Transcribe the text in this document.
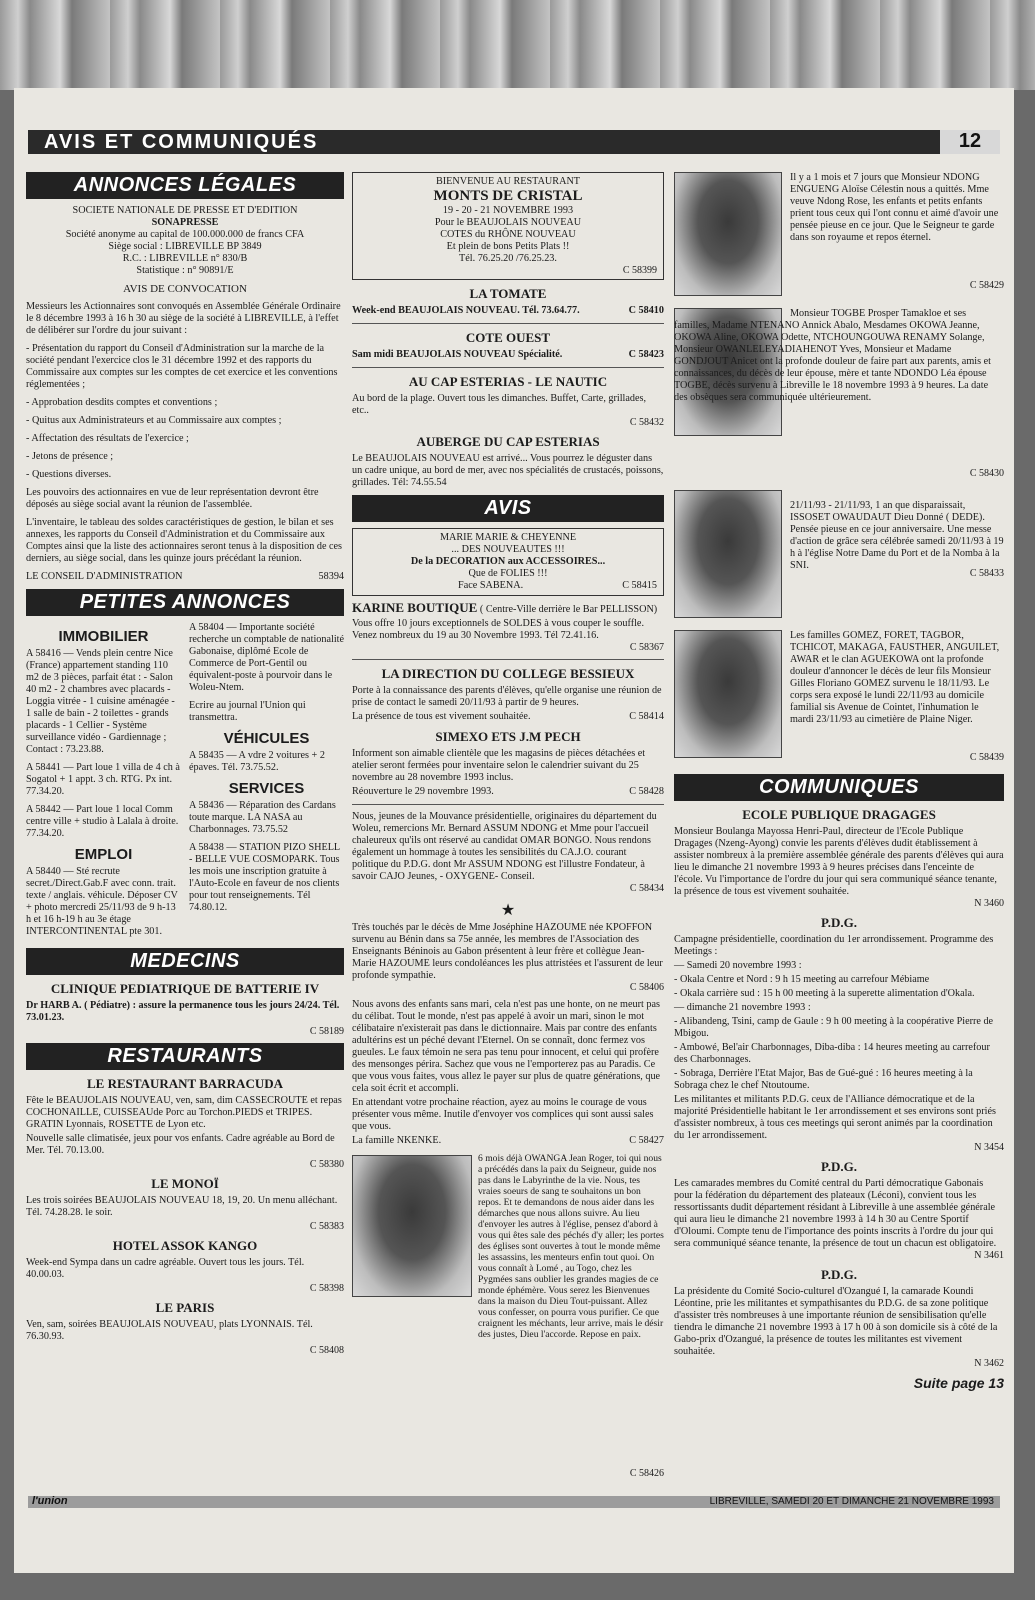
AVIS ET COMMUNIQUÉS	12
ANNONCES LÉGALES
SOCIETE NATIONALE DE PRESSE ET D'EDITION
SONAPRESSE
Société anonyme au capital de 100.000.000 de francs CFA
Siège social : LIBREVILLE BP 3849
R.C. : LIBREVILLE n° 830/B
Statistique : n° 90891/E
AVIS DE CONVOCATION
Messieurs les Actionnaires sont convoqués en Assemblée Générale Ordinaire le 8 décembre 1993 à 16 h 30 au siège de la société à LIBREVILLE, à l'effet de délibérer sur l'ordre du jour suivant :
- Présentation du rapport du Conseil d'Administration sur la marche de la société pendant l'exercice clos le 31 décembre 1992 et des rapports du Commissaire aux comptes sur les comptes de cet exercice et les conventions réglementées ;
- Approbation desdits comptes et conventions ;
- Quitus aux Administrateurs et au Commissaire aux comptes ;
- Affectation des résultats de l'exercice ;
- Jetons de présence ;
- Questions diverses.
Les pouvoirs des actionnaires en vue de leur représentation devront être déposés au siège social avant la réunion de l'assemblée.
L'inventaire, le tableau des soldes caractéristiques de gestion, le bilan et ses annexes, les rapports du Conseil d'Administration et du Commissaire aux Comptes ainsi que la liste des actionnaires seront tenus à la disposition de ces derniers, au siège social, dans les quinze jours précédant la réunion.
LE CONSEIL D'ADMINISTRATION	58394
PETITES ANNONCES
IMMOBILIER
A 58416 — Vends plein centre Nice (France) appartement standing 110 m2 de 3 pièces, parfait état : - Salon 40 m2 - 2 chambres avec placards - Loggia vitrée - 1 cuisine aménagée - 1 salle de bain - 2 toilettes - grands placards - 1 Cellier - Système surveillance vidéo - Gardiennage ; Contact : 73.23.88.
A 58441 — Part loue 1 villa de 4 ch à Sogatol + 1 appt. 3 ch. RTG. Px int. 77.34.20.
A 58442 — Part loue 1 local Comm centre ville + studio à Lalala à droite. 77.34.20.
EMPLOI
A 58440 — Sté recrute secret./Direct.Gab.F avec conn. trait. texte / anglais. véhicule. Déposer CV + photo mercredi 25/11/93 de 9 h-13 h et 16 h-19 h au 3e étage INTERCONTINENTAL pte 301.
A 58404 — Importante société recherche un comptable de nationalité Gabonaise, diplômé Ecole de Commerce de Port-Gentil ou équivalent-poste à pourvoir dans le Woleu-Ntem.
Ecrire au journal l'Union qui transmettra.
VÉHICULES
A 58435 — A vdre 2 voitures + 2 épaves. Tél. 73.75.52.
SERVICES
A 58436 — Réparation des Cardans toute marque. LA NASA au Charbonnages. 73.75.52
A 58438 — STATION PIZO SHELL - BELLE VUE COSMOPARK. Tous les mois une inscription gratuite à l'Auto-Ecole en faveur de nos clients pour tout renseignements. Tél 74.80.12.
MEDECINS
CLINIQUE PEDIATRIQUE DE BATTERIE IV
Dr HARB A. ( Pédiatre) : assure la permanence tous les jours 24/24. Tél. 73.01.23.
C 58189
RESTAURANTS
LE RESTAURANT BARRACUDA
Fête le BEAUJOLAIS NOUVEAU, ven, sam, dim CASSECROUTE et repas COCHONAILLE, CUISSEAUde Porc au Torchon.PIEDS et TRIPES. GRATIN Lyonnais, ROSETTE de Lyon etc.
Nouvelle salle climatisée, jeux pour vos enfants. Cadre agréable au Bord de Mer. Tél. 70.13.00.
C 58380
LE MONOÏ
Les trois soirées BEAUJOLAIS NOUVEAU 18, 19, 20. Un menu alléchant. Tél. 74.28.28. le soir.
C 58383
HOTEL ASSOK KANGO
Week-end Sympa dans un cadre agréable. Ouvert tous les jours. Tél. 40.00.03.
C 58398
LE PARIS
Ven, sam, soirées BEAUJOLAIS NOUVEAU, plats LYONNAIS. Tél. 76.30.93.
C 58408
BIENVENUE AU RESTAURANT
MONTS DE CRISTAL
19 - 20 - 21 NOVEMBRE 1993
Pour le BEAUJOLAIS NOUVEAU
COTES du RHÔNE NOUVEAU
Et plein de bons Petits Plats !!
Tél. 76.25.20 /76.25.23.
C 58399
LA TOMATE
Week-end BEAUJOLAIS NOUVEAU. Tél. 73.64.77.	C 58410
COTE OUEST
Sam midi BEAUJOLAIS NOUVEAU Spécialité.	C 58423
AU CAP ESTERIAS - LE NAUTIC
Au bord de la plage. Ouvert tous les dimanches. Buffet, Carte, grillades, etc..
C 58432
AUBERGE DU CAP ESTERIAS
Le BEAUJOLAIS NOUVEAU est arrivé... Vous pourrez le déguster dans un cadre unique, au bord de mer, avec nos spécialités de crustacés, poissons, grillades. Tél: 74.55.54
AVIS
MARIE MARIE & CHEYENNE
... DES NOUVEAUTES !!!
De la DECORATION aux ACCESSOIRES...
Que de FOLIES !!!
Face SABENA.	C 58415
KARINE BOUTIQUE ( Centre-Ville derrière le Bar PELLISSON)
Vous offre 10 jours exceptionnels de SOLDES à vous couper le souffle. Venez nombreux du 19 au 30 Novembre 1993. Tél 72.41.16.
C 58367
LA DIRECTION DU COLLEGE BESSIEUX
Porte à la connaissance des parents d'élèves, qu'elle organise une réunion de prise de contact le samedi 20/11/93 à partir de 9 heures.
La présence de tous est vivement souhaitée.	C 58414
SIMEXO ETS J.M PECH
Informent son aimable clientèle que les magasins de pièces détachées et atelier seront fermées pour inventaire selon le calendrier suivant du 25 novembre au 28 novembre 1993 inclus.
Réouverture le 29 novembre 1993.	C 58428
Nous, jeunes de la Mouvance présidentielle, originaires du département du Woleu, remercions Mr. Bernard ASSUM NDONG et Mme pour l'accueil chaleureux qu'ils ont réservé au candidat OMAR BONGO. Nous rendons également un hommage à toutes les sensibilités du CA.J.O. courant politique du P.D.G. dont Mr ASSUM NDONG est l'illustre Fondateur, à savoir CAJO Jeunes, - OXYGENE- Conseil.
C 58434
★
Très touchés par le décès de Mme Joséphine HAZOUME née KPOFFON survenu au Bénin dans sa 75e année, les membres de l'Association des Enseignants Béninois au Gabon présentent à leur frère et collègue Jean- Marie HAZOUME leurs condoléances les plus attristées et l'assurent de leur profonde sympathie.
C 58406
Nous avons des enfants sans mari, cela n'est pas une honte, on ne meurt pas du célibat. Tout le monde, n'est pas appelé à avoir un mari, sinon le mot célibataire n'existerait pas dans le dictionnaire. Mais par contre des enfants adultérins est un péché devant l'Eternel. On se connaît, donc fermez vos gueules. Le faux témoin ne sera pas tenu pour innocent, et celui qui profère des mensonges périra. Sachez que vous ne l'emporterez pas au Paradis. Ce que vous vous faites, vous allez le payer sur plus de quatre générations, que cela soit écrit et accompli.
En attendant votre prochaine réaction, ayez au moins le courage de vous présenter vous même. Inutile d'envoyer vos complices qui sont aussi sales que vous.
La famille NKENKE.	C 58427
6 mois déjà OWANGA Jean Roger, toi qui nous a précédés dans la paix du Seigneur, guide nos pas dans le Labyrinthe de la vie. Nous, tes vraies soeurs de sang te souhaitons un bon repos. Et te demandons de nous aider dans les démarches que nous allons suivre. Au lieu d'envoyer les autres à l'église, pensez d'abord à vous qui êtes sale des péchés d'y aller; les portes des églises sont ouvertes à tout le monde même les assassins, les menteurs enfin tout quoi. On vous connaît à Lomé , au Togo, chez les Pygmées sans oublier les grandes magies de ce monde éphémère. Vous serez les Bienvenues dans la maison du Dieu Tout-puissant. Allez vous confesser, on pourra vous purifier. Ce que craignent les méchants, leur arrive, mais le désir des justes, Dieu l'accorde. Repose en paix.
C 58426
Il y a 1 mois et 7 jours que Monsieur NDONG ENGUENG Aloïse Célestin nous a quittés. Mme veuve Ndong Rose, les enfants et petits enfants prient tous ceux qui l'ont connu et aimé d'avoir une pensée pieuse en ce jour. Que le Seigneur te garde dans son royaume et repos éternel.
C 58429
Monsieur TOGBE Prosper Tamakloe et ses familles, Madame NTENANO Annick Abalo, Mesdames OKOWA Jeanne, OKOWA Aline, OKOWA Odette, NTCHOUNGOUWA RENAMY Solange, Monsieur OWANLELEYADIAHENOT Yves, Monsieur et Madame GONDJOUT Anicet ont la profonde douleur de faire part aux parents, amis et connaissances, du décès de leur épouse, mère et tante NDONDO Léa épouse TOGBE, décès survenu à Libreville le 18 novembre 1993 à 9 heures. La date des obsèques sera communiquée ultérieurement.
C 58430
21/11/93 - 21/11/93, 1 an que disparaissait, ISSOSET OWAUDAUT Dieu Donné ( DEDE). Pensée pieuse en ce jour anniversaire. Une messe d'action de grâce sera célébrée samedi 20/11/93 à 19 h à l'église Notre Dame du Port et de la Nomba à la SNI.
C 58433
Les familles GOMEZ, FORET, TAGBOR, TCHICOT, MAKAGA, FAUSTHER, ANGUILET, AWAR et le clan AGUEKOWA ont la profonde douleur d'annoncer le décès de leur fils Monsieur Gilles Floriano GOMEZ survenu le 18/11/93. Le corps sera exposé le lundi 22/11/93 au domicile familial sis Avenue de Cointet, l'inhumation le mardi 23/11/93 au cimetière de Plaine Niger.
C 58439
COMMUNIQUES
ECOLE PUBLIQUE DRAGAGES
Monsieur Boulanga Mayossa Henri-Paul, directeur de l'Ecole Publique Dragages (Nzeng-Ayong) convie les parents d'élèves dudit établissement à assister nombreux à la première assemblée générale des parents d'élèves qui aura lieu le dimanche 21 novembre 1993 à 9 heures précises dans l'enceinte de l'école. Vu l'importance de l'ordre du jour qui sera communiqué séance tenante, la présence de tous est vivement souhaitée.
N 3460
P.D.G.
Campagne présidentielle, coordination du 1er arrondissement. Programme des Meetings :
— Samedi 20 novembre 1993 :
- Okala Centre et Nord : 9 h 15 meeting au carrefour Mébiame
- Okala carrière sud : 15 h 00 meeting à la superette alimentation d'Okala.
— dimanche 21 novembre 1993 :
- Alibandeng, Tsini, camp de Gaule : 9 h 00 meeting à la coopérative Pierre de Mbigou.
- Ambowé, Bel'air Charbonnages, Diba-diba : 14 heures meeting au carrefour des Charbonnages.
- Sobraga, Derrière l'Etat Major, Bas de Gué-gué : 16 heures meeting à la Sobraga chez le chef Ntoutoume.
Les militantes et militants P.D.G. ceux de l'Alliance démocratique et de la majorité Présidentielle habitant le 1er arrondissement et ses environs sont priés d'assister nombreux, à tous ces meetings qui seront animés par la coordination du 1er arrondissement.
N 3454
P.D.G.
Les camarades membres du Comité central du Parti démocratique Gabonais pour la fédération du département des plateaux (Léconi), convient tous les ressortissants dudit département résidant à Libreville à une assemblée générale qui aura lieu le dimanche 21 novembre 1993 à 14 h 30 au Centre Sportif d'Oloumi. Compte tenu de l'importance des points inscrits à l'ordre du jour qui sera communiqué séance tenante, la présence de tout un chacun est obligatoire.
N 3461
P.D.G.
La présidente du Comité Socio-culturel d'Ozangué I, la camarade Koundi Léontine, prie les militantes et sympathisantes du P.D.G. de sa zone politique d'assister très nombreuses à une importante réunion de sensibilisation qu'elle tiendra le dimanche 21 novembre 1993 à 17 h 00 à son domicile sis à côté de la Gabo-prix d'Ozangué, la présence de toutes les militantes est vivement souhaitée.
N 3462
Suite page 13
l'union	LIBREVILLE, SAMEDI 20 ET DIMANCHE 21 NOVEMBRE 1993
